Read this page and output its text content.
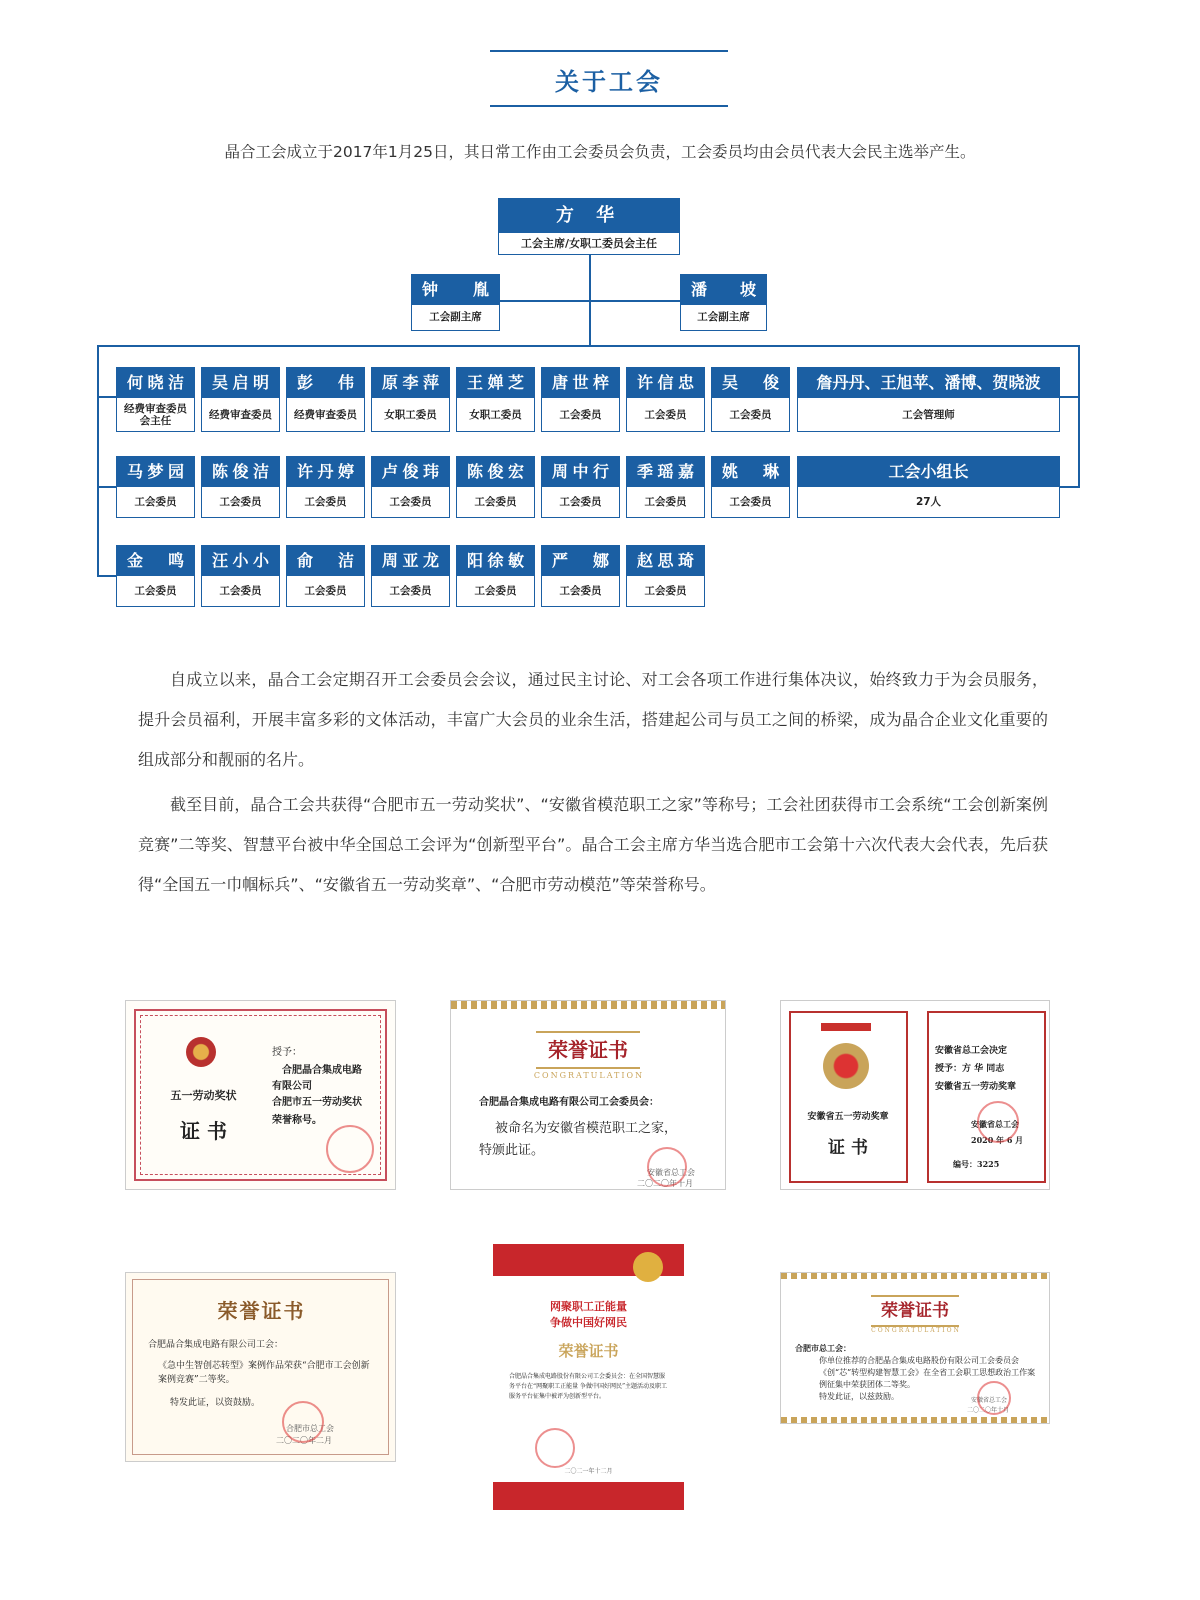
关于工会
晶合工会成立于2017年1月25日，其日常工作由工会委员会负责，工会委员均由会员代表大会民主选举产生。
方 华
工会主席/女职工委员会主任
钟 胤
工会副主席
潘 坡
工会副主席
何晓洁
经费审查委员会主任
吴启明
经费审查委员
彭 伟
经费审查委员
原李萍
女职工委员
王婵芝
女职工委员
唐世梓
工会委员
许信忠
工会委员
吴 俊
工会委员
詹丹丹、王旭苹、潘博、贺晓波
工会管理师
马梦园
工会委员
陈俊洁
工会委员
许丹婷
工会委员
卢俊玮
工会委员
陈俊宏
工会委员
周中行
工会委员
季瑶嘉
工会委员
姚 琳
工会委员
工会小组长
27人
金 鸣
工会委员
汪小小
工会委员
俞 洁
工会委员
周亚龙
工会委员
阳徐敏
工会委员
严 娜
工会委员
赵思琦
工会委员

自成立以来，晶合工会定期召开工会委员会会议，通过民主讨论、对工会各项工作进行集体决议，始终致力于为会员服务，提升会员福利，开展丰富多彩的文体活动，丰富广大会员的业余生活，搭建起公司与员工之间的桥梁，成为晶合企业文化重要的组成部分和靓丽的名片。

截至目前，晶合工会共获得“合肥市五一劳动奖状”、“安徽省模范职工之家”等称号；工会社团获得市工会系统“工会创新案例竞赛”二等奖、智慧平台被中华全国总工会评为“创新型平台”。晶合工会主席方华当选合肥市工会第十六次代表大会代表，先后获得“全国五一巾帼标兵”、“安徽省五一劳动奖章”、“合肥市劳动模范”等荣誉称号。

五一劳动奖状
证 书
授予：
合肥晶合集成电路
有限公司
合肥市五一劳动奖状
荣誉称号。
荣誉证书
CONGRATULATION
合肥晶合集成电路有限公司工会委员会：
被命名为安徽省模范职工之家，
特颁此证。
安徽省总工会
二〇二〇年十月
安徽省五一劳动奖章
证 书
安徽省总工会决定
授予：方 华 同志
安徽省五一劳动奖章
安徽省总工会
2020 年 6 月
编号：3225
荣誉证书
合肥晶合集成电路有限公司工会：
《急中生智创芯转型》案例作品荣获“合肥市工会创新案例竞赛”二等奖。
特发此证，以资鼓励。
合肥市总工会
二〇二〇年二月
网聚职工正能量
争做中国好网民
荣誉证书
合肥晶合集成电路股份有限公司工会委员会：在全国智慧服务平台在“网聚职工正能量 争做中国好网民”主题活动及职工服务平台征集中被评为创新型平台。
二〇二一年十二月
荣誉证书
CONGRATULATION
合肥市总工会：
你单位推荐的合肥晶合集成电路股份有限公司工会委员会《创“芯”转型构建智慧工会》在全省工会职工思想政治工作案例征集中荣获团体二等奖。
特发此证，以兹鼓励。	安徽省总工会
二〇二〇年十月
